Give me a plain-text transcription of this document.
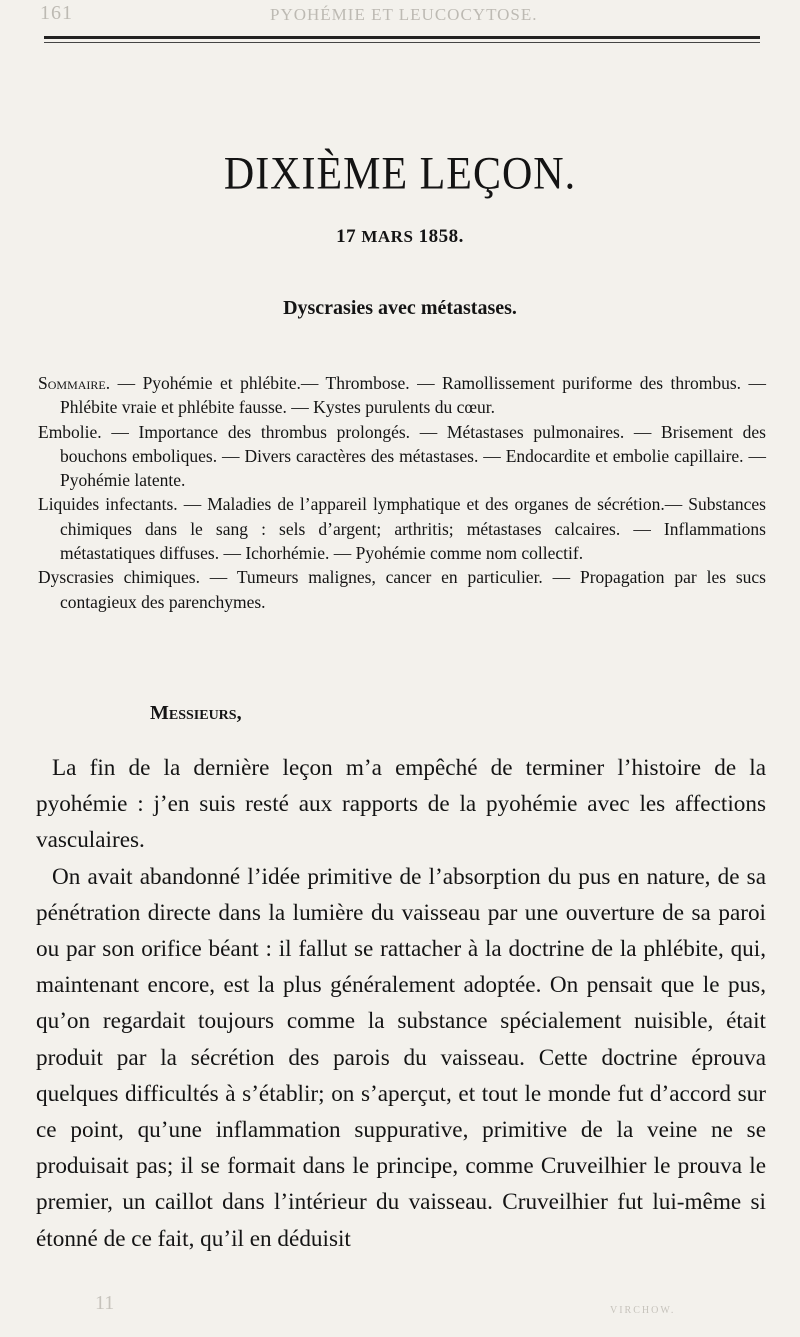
161	PYOHÉMIE ET LEUCOCYTOSE.
DIXIÈME LEÇON.
17 MARS 1858.
Dyscrasies avec métastases.

Sommaire. — Pyohémie et phlébite.— Thrombose. — Ramollissement puriforme des thrombus. — Phlébite vraie et phlébite fausse. — Kystes purulents du cœur.

Embolie. — Importance des thrombus prolongés. — Métastases pulmonaires. — Brisement des bouchons emboliques. — Divers caractères des métastases. — Endocardite et embolie capillaire. — Pyohémie latente.

Liquides infectants. — Maladies de l’appareil lymphatique et des organes de sécrétion.— Substances chimiques dans le sang : sels d’argent; arthritis; métastases calcaires. — Inflammations métastatiques diffuses. — Ichorhémie. — Pyohémie comme nom collectif.

Dyscrasies chimiques. — Tumeurs malignes, cancer en particulier. — Propagation par les sucs contagieux des parenchymes.

Messieurs,

La fin de la dernière leçon m’a empêché de terminer l’histoire de la pyohémie : j’en suis resté aux rapports de la pyohémie avec les affections vasculaires.

On avait abandonné l’idée primitive de l’absorption du pus en nature, de sa pénétration directe dans la lumière du vaisseau par une ouverture de sa paroi ou par son orifice béant : il fallut se rattacher à la doctrine de la phlébite, qui, maintenant encore, est la plus généralement adoptée. On pensait que le pus, qu’on regardait toujours comme la substance spécialement nuisible, était produit par la sécrétion des parois du vaisseau. Cette doctrine éprouva quelques difficultés à s’établir; on s’aperçut, et tout le monde fut d’accord sur ce point, qu’une inflammation suppurative, primitive de la veine ne se produisait pas; il se formait dans le principe, comme Cruveilhier le prouva le premier, un caillot dans l’intérieur du vaisseau. Cruveilhier fut lui-même si étonné de ce fait, qu’il en déduisit

11	VIRCHOW.
